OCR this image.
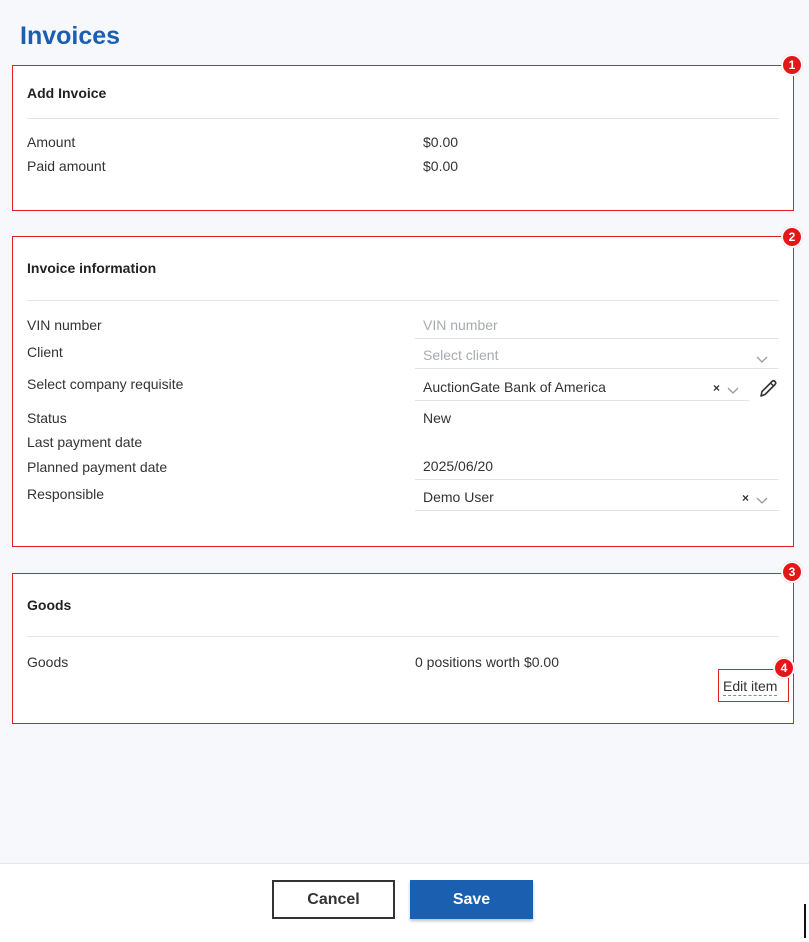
Invoices
Add Invoice
Amount	$0.00
Paid amount	$0.00
1
Invoice information
VIN number	VIN number
Client	Select client
Select company requisite	AuctionGate Bank of America	×
Status	New
Last payment date
Planned payment date	2025/06/20
Responsible	Demo User	×
2
Goods
Goods	0 positions worth $0.00
Edit item
3
4
Cancel	Save
